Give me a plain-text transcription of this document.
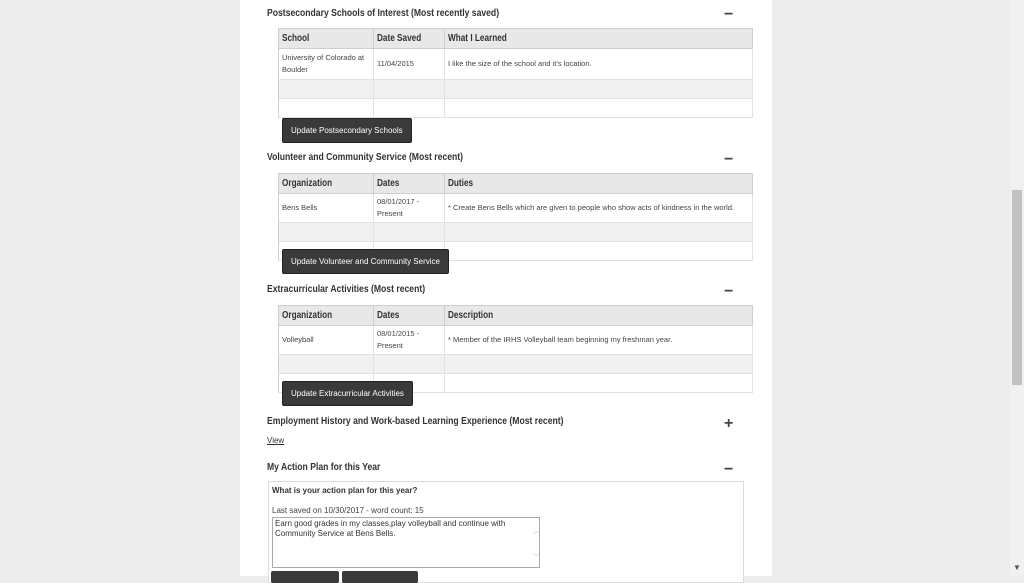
Postsecondary Schools of Interest (Most recently saved)	−
School	Date Saved	What I Learned
University of Colorado at Boulder	11/04/2015	I like the size of the school and it's location.

Update Postsecondary Schools
Volunteer and Community Service (Most recent)	−
Organization	Dates	Duties
Bens Bells	08/01/2017 - Present	* Create Bens Bells which are given to people who show acts of kindness in the world.

Update Volunteer and Community Service
Extracurricular Activities (Most recent)	−
Organization	Dates	Description
Volleyball	08/01/2015 - Present	* Member of the IRHS Volleyball team beginning my freshman year.

Update Extracurricular Activities
Employment History and Work-based Learning Experience (Most recent)	+
View
My Action Plan for this Year	−
What is your action plan for this year?
Last saved on 10/30/2017 - word count: 15
Earn good grades in my classes,play volleyball and continue with Community Service at Bens Bells.
︿
﹀
▼
